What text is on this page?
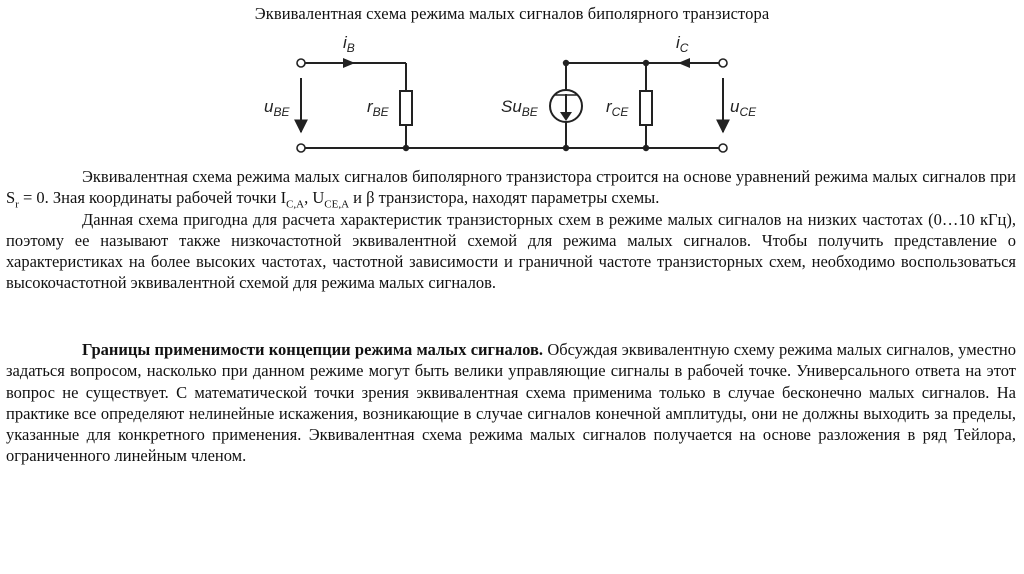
Эквивалентная схема режима малых сигналов биполярного транзистора
$i_B$	$i_C$
$u_{BE}$	$r_{BE}$	$Su_{BE}$	$r_{CE}$	$u_{CE}$

Эквивалентная схема режима малых сигналов биполярного транзистора строится на основе уравнений режима малых сигналов при $S_r = 0$. Зная координаты рабочей точки $I_{C,A}$, $U_{CE,A}$ и β транзистора, находят параметры схемы.

Данная схема пригодна для расчета характеристик транзисторных схем в режиме малых сигналов на низких частотах (0…10 кГц), поэтому ее называют также низкочастотной эквивалентной схемой для режима малых сигналов. Чтобы получить представление о характеристиках на более высоких частотах, частотной зависимости и граничной частоте транзисторных схем, необходимо воспользоваться высокочастотной эквивалентной схемой для режима малых сигналов.

Границы применимости концепции режима малых сигналов. Обсуждая эквивалентную схему режима малых сигналов, уместно задаться вопросом, насколько при данном режиме могут быть велики управляющие сигналы в рабочей точке. Универсального ответа на этот вопрос не существует. С математической точки зрения эквивалентная схема применима только в случае бесконечно малых сигналов. На практике все определяют нелинейные искажения, возникающие в случае сигналов конечной амплитуды, они не должны выходить за пределы, указанные для конкретного применения. Эквивалентная схема режима малых сигналов получается на основе разложения в ряд Тейлора, ограниченного линейным членом.
